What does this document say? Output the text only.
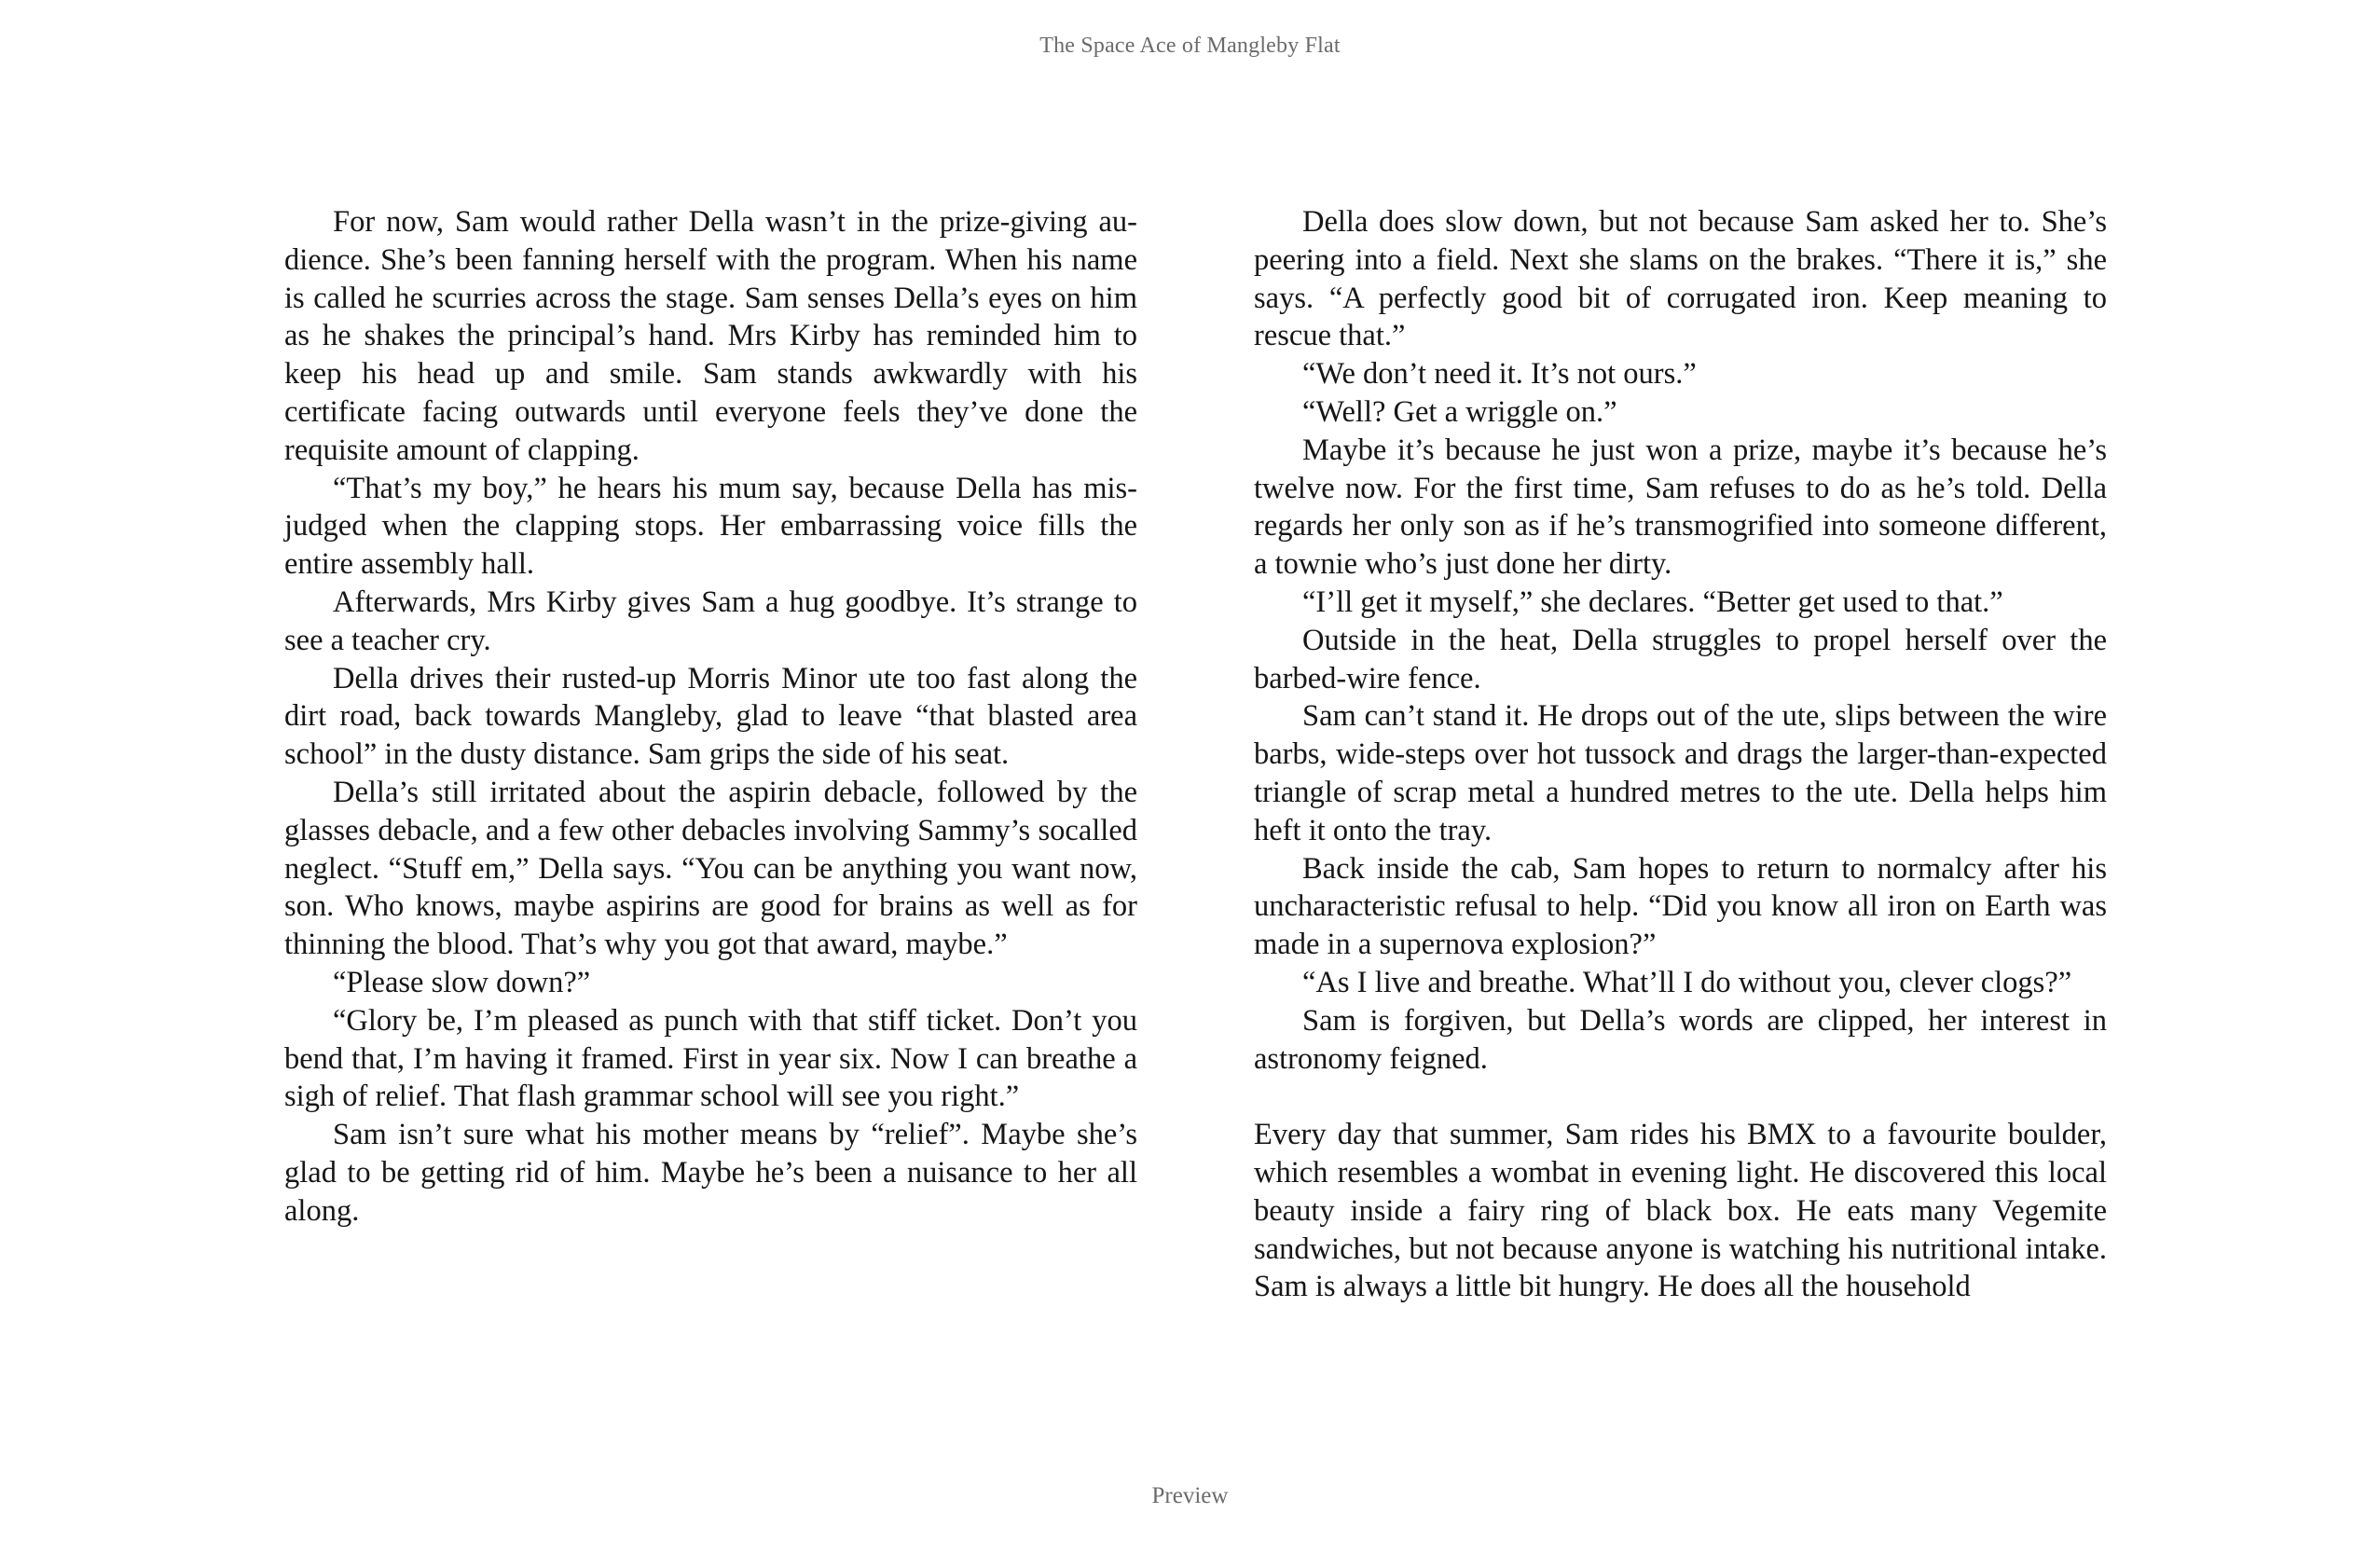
The Space Ace of Mangleby Flat

For now, Sam would rather Della wasn’t in the prize-giving audience. She’s been fanning herself with the program. When his name is called he scurries across the stage. Sam senses Della’s eyes on him as he shakes the principal’s hand. Mrs Kirby has reminded him to keep his head up and smile. Sam stands awkwardly with his certificate facing outwards until everyone feels they’ve done the requisite amount of clapping.

“That’s my boy,” he hears his mum say, because Della has misjudged when the clapping stops. Her embarrassing voice fills the entire assembly hall.

Afterwards, Mrs Kirby gives Sam a hug goodbye. It’s strange to see a teacher cry.

Della drives their rusted-up Morris Minor ute too fast along the dirt road, back towards Mangleby, glad to leave “that blasted area school” in the dusty distance. Sam grips the side of his seat.

Della’s still irritated about the aspirin debacle, followed by the glasses debacle, and a few other debacles involving Sammy’s socalled neglect. “Stuff em,” Della says. “You can be anything you want now, son. Who knows, maybe aspirins are good for brains as well as for thinning the blood. That’s why you got that award, maybe.”

“Please slow down?”

“Glory be, I’m pleased as punch with that stiff ticket. Don’t you bend that, I’m having it framed. First in year six. Now I can breathe a sigh of relief. That flash grammar school will see you right.”

Sam isn’t sure what his mother means by “relief”. Maybe she’s glad to be getting rid of him. Maybe he’s been a nuisance to her all along.

Della does slow down, but not because Sam asked her to. She’s peering into a field. Next she slams on the brakes. “There it is,” she says. “A perfectly good bit of corrugated iron. Keep meaning to rescue that.”

“We don’t need it. It’s not ours.”

“Well? Get a wriggle on.”

Maybe it’s because he just won a prize, maybe it’s because he’s twelve now. For the first time, Sam refuses to do as he’s told. Della regards her only son as if he’s transmogrified into someone different, a townie who’s just done her dirty.

“I’ll get it myself,” she declares. “Better get used to that.”

Outside in the heat, Della struggles to propel herself over the barbed-wire fence.

Sam can’t stand it. He drops out of the ute, slips between the wire barbs, wide-steps over hot tussock and drags the larger-than-expected triangle of scrap metal a hundred metres to the ute. Della helps him heft it onto the tray.

Back inside the cab, Sam hopes to return to normalcy after his uncharacteristic refusal to help. “Did you know all iron on Earth was made in a supernova explosion?”

“As I live and breathe. What’ll I do without you, clever clogs?”

Sam is forgiven, but Della’s words are clipped, her interest in astronomy feigned.

Every day that summer, Sam rides his BMX to a favourite boulder, which resembles a wombat in evening light. He discovered this local beauty inside a fairy ring of black box. He eats many Vegemite sandwiches, but not because anyone is watching his nutritional intake. Sam is always a little bit hungry. He does all the household

Preview
